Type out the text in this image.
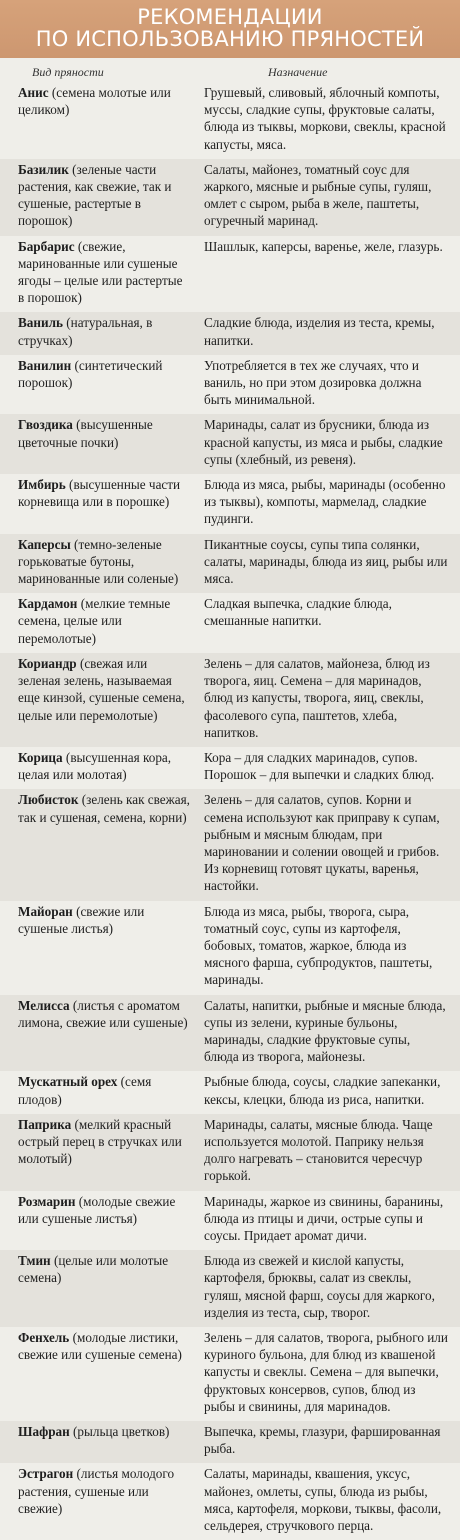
РЕКОМЕНДАЦИИ
ПО ИСПОЛЬЗОВАНИЮ ПРЯНОСТЕЙ
Вид пряности	Назначение
Анис (семена молотые или целиком)
Грушевый, сливовый, яблочный компоты, муссы, сладкие супы, фруктовые салаты, блюда из тыквы, моркови, свеклы, красной капусты, мяса.
Базилик (зеленые части растения, как свежие, так и сушеные, растертые в порошок)
Салаты, майонез, томатный соус для жаркого, мясные и рыбные супы, гуляш, омлет с сыром, рыба в желе, паштеты, огуречный маринад.
Барбарис (свежие, маринованные или сушеные ягоды – целые или растертые в порошок)
Шашлык, каперсы, варенье, желе, глазурь.
Ваниль (натуральная, в стручках)
Сладкие блюда, изделия из теста, кремы, напитки.
Ванилин (синтетический порошок)
Употребляется в тех же случаях, что и ваниль, но при этом дозировка должна быть минимальной.
Гвоздика (высушенные цветочные почки)
Маринады, салат из брусники, блюда из красной капусты, из мяса и рыбы, сладкие супы (хлебный, из ревеня).
Имбирь (высушенные части корневища или в порошке)
Блюда из мяса, рыбы, маринады (особенно из тыквы), компоты, мармелад, сладкие пудинги.
Каперсы (темно-зеленые горьковатые бутоны, маринованные или соленые)
Пикантные соусы, супы типа солянки, салаты, маринады, блюда из яиц, рыбы или мяса.
Кардамон (мелкие темные семена, целые или перемолотые)
Сладкая выпечка, сладкие блюда, смешанные напитки.
Кориандр (свежая или зеленая зелень, называемая еще кинзой, сушеные семена, целые или перемолотые)
Зелень – для салатов, майонеза, блюд из творога, яиц. Семена – для маринадов, блюд из капусты, творога, яиц, свеклы, фасолевого супа, паштетов, хлеба, напитков.
Корица (высушенная кора, целая или молотая)
Кора – для сладких маринадов, супов. Порошок – для выпечки и сладких блюд.
Любисток (зелень как свежая, так и сушеная, семена, корни)
Зелень – для салатов, супов. Корни и семена используют как приправу к супам, рыбным и мясным блюдам, при мариновании и солении овощей и грибов. Из корневищ готовят цукаты, варенья, настойки.
Майоран (свежие или сушеные листья)
Блюда из мяса, рыбы, творога, сыра, томатный соус, супы из картофеля, бобовых, томатов, жаркое, блюда из мясного фарша, субпродуктов, паштеты, маринады.
Мелисса (листья с ароматом лимона, свежие или сушеные)
Салаты, напитки, рыбные и мясные блюда, супы из зелени, куриные бульоны, маринады, сладкие фруктовые супы, блюда из творога, майонезы.
Мускатный орех (семя плодов)
Рыбные блюда, соусы, сладкие запеканки, кексы, клецки, блюда из риса, напитки.
Паприка (мелкий красный острый перец в стручках или молотый)
Маринады, салаты, мясные блюда. Чаще используется молотой. Паприку нельзя долго нагревать – становится чересчур горькой.
Розмарин (молодые свежие или сушеные листья)
Маринады, жаркое из свинины, баранины, блюда из птицы и дичи, острые супы и соусы. Придает аромат дичи.
Тмин (целые или молотые семена)
Блюда из свежей и кислой капусты, картофеля, брюквы, салат из свеклы, гуляш, мясной фарш, соусы для жаркого, изделия из теста, сыр, творог.
Фенхель (молодые листики, свежие или сушеные семена)
Зелень – для салатов, творога, рыбного или куриного бульона, для блюд из квашеной капусты и свеклы. Семена – для выпечки, фруктовых консервов, супов, блюд из рыбы и свинины, для маринадов.
Шафран (рыльца цветков)	Выпечка, кремы, глазури, фаршированная рыба.
Эстрагон (листья молодого растения, сушеные или свежие)
Салаты, маринады, квашения, уксус, майонез, омлеты, супы, блюда из рыбы, мяса, картофеля, моркови, тыквы, фасоли, сельдерея, стручкового перца.
